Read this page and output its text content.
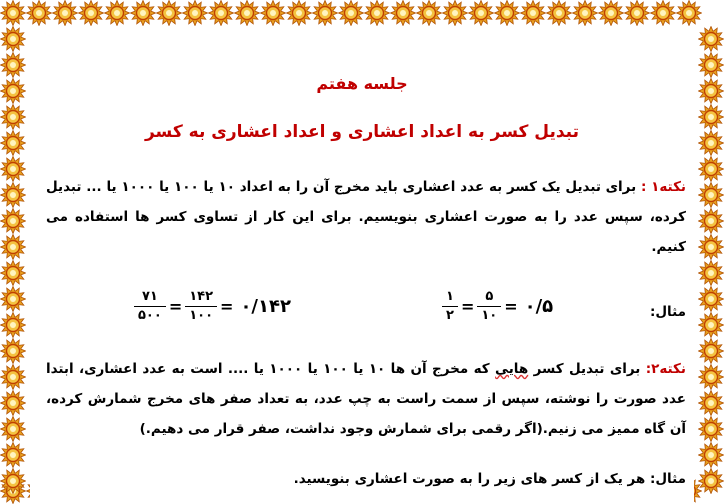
جلسه هفتم
تبدیل کسر به اعداد اعشاری و اعداد اعشاری به کسر
نکته۱ : برای تبدیل یک کسر به عدد اعشاری باید مخرج آن را به اعداد ۱۰ یا ۱۰۰ یا ۱۰۰۰ یا ... تبدیل کرده، سپس عدد را به صورت اعشاری بنویسیم. برای این کار از تساوی کسر ها استفاده می کنیم.
مثال:
$\frac{۱}{۲} = \frac{۵}{۱۰}$ = ۰/۵
$\frac{۷۱}{۵۰۰} = \frac{۱۴۲}{۱۰۰}$ = ۰/۱۴۲
نکته۲: برای تبدیل کسر هایی که مخرج آن ها ۱۰ یا ۱۰۰ یا ۱۰۰۰ یا .... است به عدد اعشاری، ابتدا عدد صورت را نوشته، سپس از سمت راست به چپ عدد، به تعداد صفر های مخرج شمارش کرده، آن گاه ممیز می زنیم.(اگر رقمی برای شمارش وجود نداشت، صفر قرار می دهیم.)
مثال: هر یک از کسر های زیر را به صورت اعشاری بنویسید.
